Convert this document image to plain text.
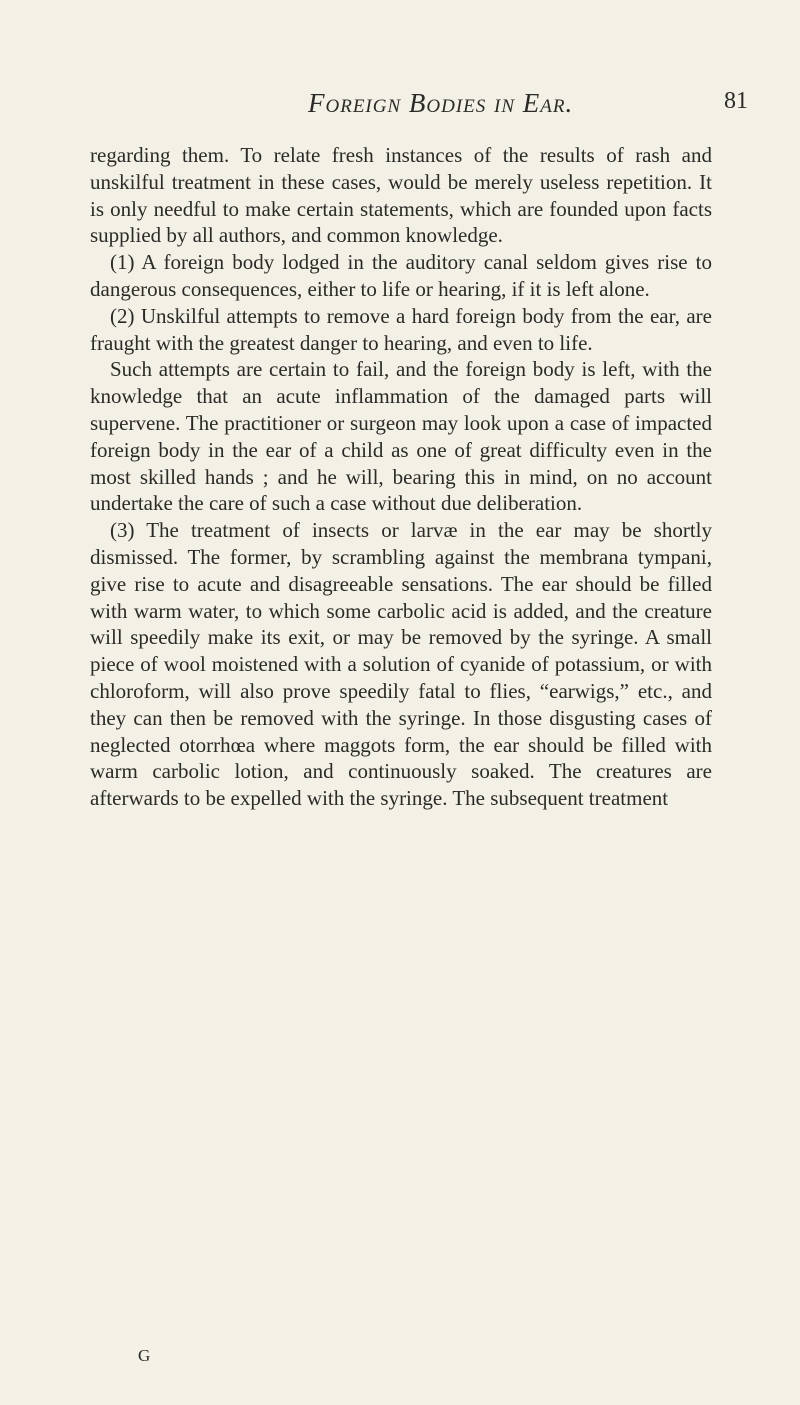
Foreign Bodies in Ear.	81

regarding them. To relate fresh instances of the results of rash and unskilful treatment in these cases, would be merely useless repetition. It is only needful to make certain statements, which are founded upon facts supplied by all authors, and common knowledge.

(1) A foreign body lodged in the auditory canal seldom gives rise to dangerous consequences, either to life or hearing, if it is left alone.

(2) Unskilful attempts to remove a hard foreign body from the ear, are fraught with the greatest danger to hearing, and even to life.

Such attempts are certain to fail, and the foreign body is left, with the knowledge that an acute inflammation of the damaged parts will supervene. The practitioner or surgeon may look upon a case of impacted foreign body in the ear of a child as one of great difficulty even in the most skilled hands ; and he will, bearing this in mind, on no account undertake the care of such a case without due deliberation.

(3) The treatment of insects or larvæ in the ear may be shortly dismissed. The former, by scrambling against the membrana tympani, give rise to acute and disagreeable sensations. The ear should be filled with warm water, to which some carbolic acid is added, and the creature will speedily make its exit, or may be removed by the syringe. A small piece of wool moistened with a solution of cyanide of potassium, or with chloroform, will also prove speedily fatal to flies, “earwigs,” etc., and they can then be removed with the syringe. In those disgusting cases of neglected otorrhœa where maggots form, the ear should be filled with warm carbolic lotion, and continuously soaked. The creatures are afterwards to be expelled with the syringe. The subsequent treatment

G
